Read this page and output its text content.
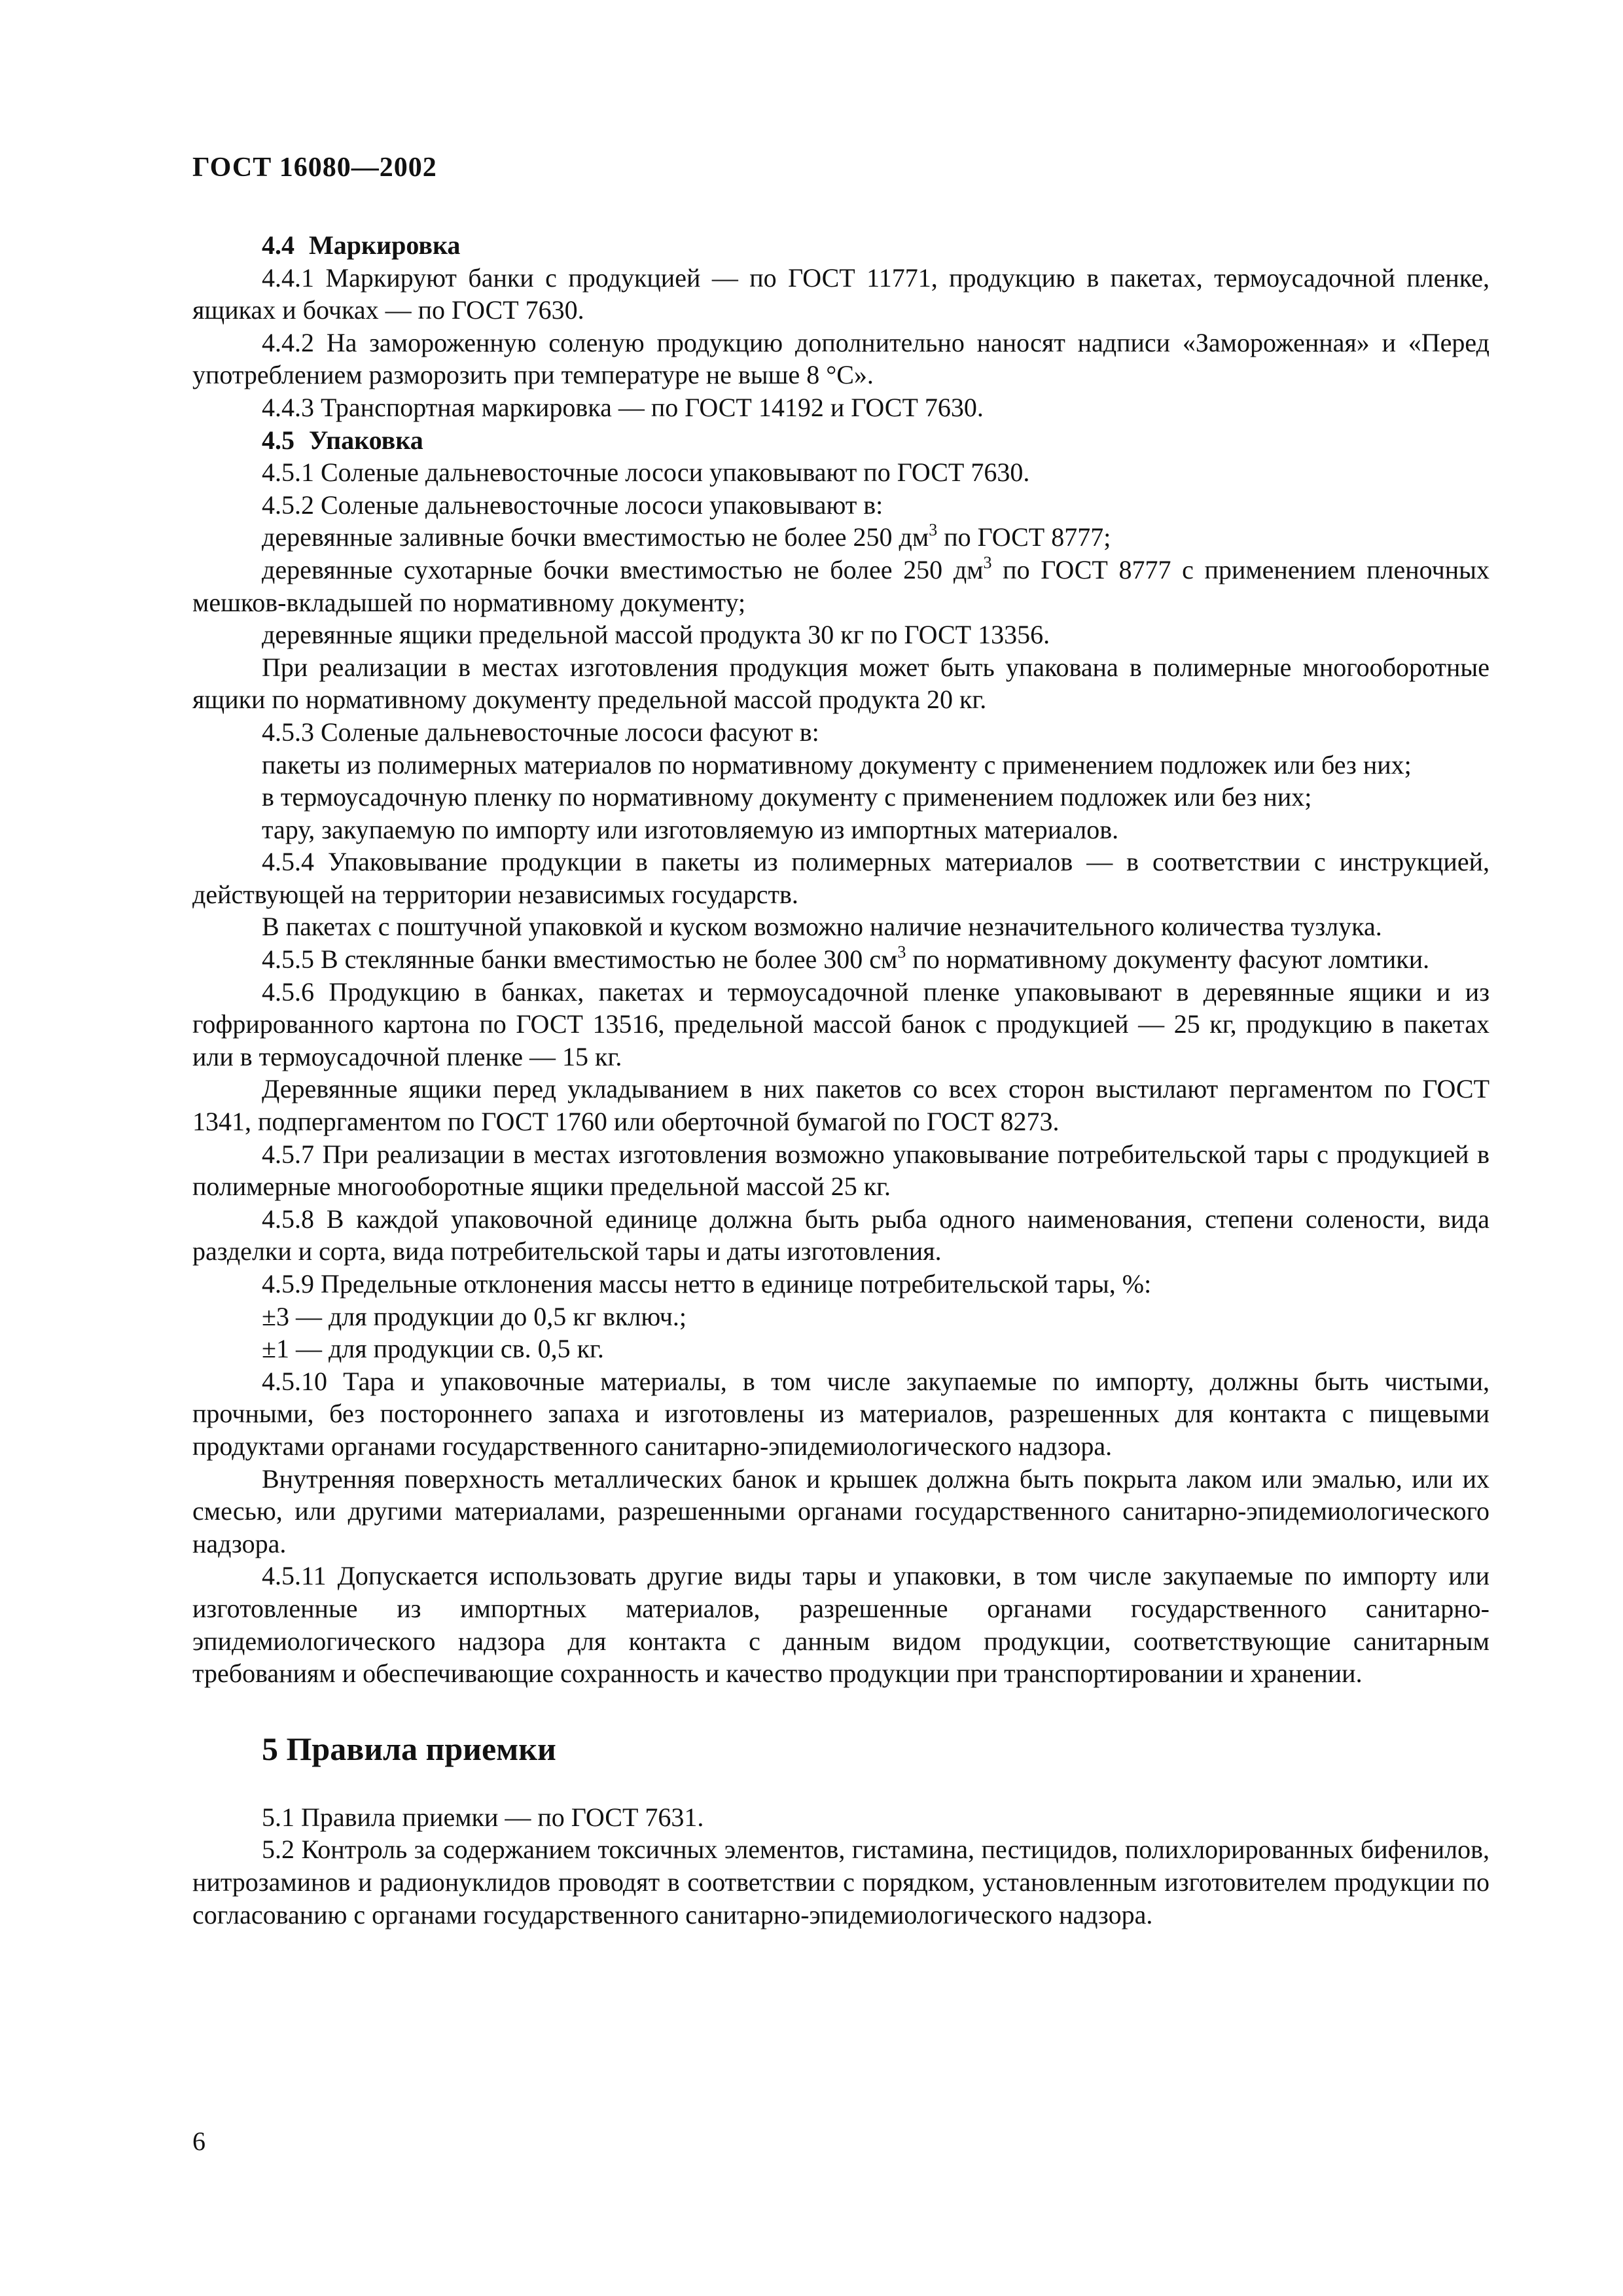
ГОСТ 16080—2002

4.4 Маркировка

4.4.1 Маркируют банки с продукцией — по ГОСТ 11771, продукцию в пакетах, термоусадочной пленке, ящиках и бочках — по ГОСТ 7630.

4.4.2 На замороженную соленую продукцию дополнительно наносят надписи «Замороженная» и «Перед употреблением разморозить при температуре не выше 8 °С».

4.4.3 Транспортная маркировка — по ГОСТ 14192 и ГОСТ 7630.

4.5 Упаковка

4.5.1 Соленые дальневосточные лососи упаковывают по ГОСТ 7630.

4.5.2 Соленые дальневосточные лососи упаковывают в:

деревянные заливные бочки вместимостью не более 250 $дм^3$ по ГОСТ 8777;

деревянные сухотарные бочки вместимостью не более 250 $дм^3$ по ГОСТ 8777 с применением пленочных мешков-вкладышей по нормативному документу;

деревянные ящики предельной массой продукта 30 кг по ГОСТ 13356.

При реализации в местах изготовления продукция может быть упакована в полимерные многооборотные ящики по нормативному документу предельной массой продукта 20 кг.

4.5.3 Соленые дальневосточные лососи фасуют в:

пакеты из полимерных материалов по нормативному документу с применением подложек или без них;

в термоусадочную пленку по нормативному документу с применением подложек или без них;

тару, закупаемую по импорту или изготовляемую из импортных материалов.

4.5.4 Упаковывание продукции в пакеты из полимерных материалов — в соответствии с инструкцией, действующей на территории независимых государств.

В пакетах с поштучной упаковкой и куском возможно наличие незначительного количества тузлука.

4.5.5 В стеклянные банки вместимостью не более 300 $см^3$ по нормативному документу фасуют ломтики.

4.5.6 Продукцию в банках, пакетах и термоусадочной пленке упаковывают в деревянные ящики и из гофрированного картона по ГОСТ 13516, предельной массой банок с продукцией — 25 кг, продукцию в пакетах или в термоусадочной пленке — 15 кг.

Деревянные ящики перед укладыванием в них пакетов со всех сторон выстилают пергаментом по ГОСТ 1341, подпергаментом по ГОСТ 1760 или оберточной бумагой по ГОСТ 8273.

4.5.7 При реализации в местах изготовления возможно упаковывание потребительской тары с продукцией в полимерные многооборотные ящики предельной массой 25 кг.

4.5.8 В каждой упаковочной единице должна быть рыба одного наименования, степени солености, вида разделки и сорта, вида потребительской тары и даты изготовления.

4.5.9 Предельные отклонения массы нетто в единице потребительской тары, %:

±3 — для продукции до 0,5 кг включ.;

±1 — для продукции св. 0,5 кг.

4.5.10 Тара и упаковочные материалы, в том числе закупаемые по импорту, должны быть чистыми, прочными, без постороннего запаха и изготовлены из материалов, разрешенных для контакта с пищевыми продуктами органами государственного санитарно-эпидемиологического надзора.

Внутренняя поверхность металлических банок и крышек должна быть покрыта лаком или эмалью, или их смесью, или другими материалами, разрешенными органами государственного санитарно-эпидемиологического надзора.

4.5.11 Допускается использовать другие виды тары и упаковки, в том числе закупаемые по импорту или изготовленные из импортных материалов, разрешенные органами государственного санитарно-эпидемиологического надзора для контакта с данным видом продукции, соответствующие санитарным требованиям и обеспечивающие сохранность и качество продукции при транспортировании и хранении.

5 Правила приемки

5.1 Правила приемки — по ГОСТ 7631.

5.2 Контроль за содержанием токсичных элементов, гистамина, пестицидов, полихлорированных бифенилов, нитрозаминов и радионуклидов проводят в соответствии с порядком, установленным изготовителем продукции по согласованию с органами государственного санитарно-эпидемиологического надзора.

6
